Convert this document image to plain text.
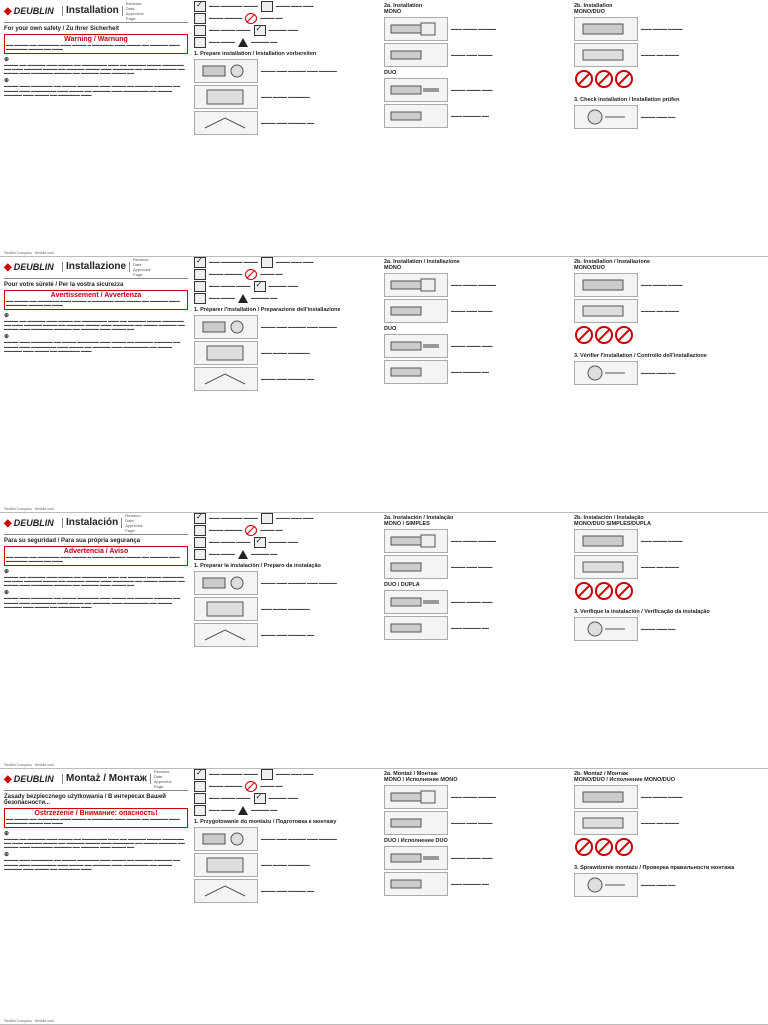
◆ DEUBLIN	Installation
Revision:
Date:
Approved:
Page:
For your own safety / Zu Ihrer Sicherheit
Warning / Warnung
▬▬ ▬▬▬▬ ▬▬ ▬▬▬▬▬▬ ▬▬▬ ▬▬▬▬ ▬ ▬▬▬▬▬▬ ▬▬▬ ▬▬▬▬ ▬▬ ▬▬▬▬▬ ▬▬▬ ▬▬▬▬▬▬ ▬▬▬▬ ▬▬ ▬▬▬
⊕
▬▬▬▬ ▬▬ ▬▬▬▬▬ ▬▬▬ ▬▬▬▬ ▬▬ ▬▬▬▬▬▬▬ ▬▬▬ ▬▬ ▬▬▬▬▬ ▬▬▬▬ ▬▬▬▬▬▬ ▬▬ ▬▬▬ ▬▬▬▬▬ ▬▬▬▬ ▬▬ ▬▬▬▬▬ ▬▬▬▬ ▬▬▬ ▬▬▬▬▬▬ ▬▬ ▬▬▬▬ ▬▬▬▬▬ ▬▬ ▬▬▬▬ ▬▬▬ ▬▬▬▬▬▬ ▬▬▬▬▬ ▬▬ ▬▬▬▬▬ ▬▬▬ ▬▬▬▬ ▬▬
⊕
▬▬▬▬ ▬▬▬ ▬▬▬▬▬▬ ▬▬ ▬▬▬▬ ▬▬▬▬▬▬ ▬▬▬ ▬▬▬▬ ▬▬ ▬▬▬▬▬ ▬▬▬▬▬ ▬▬ ▬▬▬▬ ▬▬▬ ▬▬▬▬▬▬▬ ▬▬▬ ▬▬▬▬ ▬▬ ▬▬▬▬▬ ▬▬▬ ▬▬▬▬▬▬▬ ▬▬ ▬▬▬▬ ▬▬▬▬▬ ▬▬▬ ▬▬▬▬ ▬▬ ▬▬▬▬▬▬ ▬▬▬
Deublin Company · deublin.com
✓
▬▬▬ ▬▬▬▬▬▬ ▬▬▬▬	▬▬▬▬ ▬▬▬ ▬▬▬
▬▬▬▬ ▬▬▬▬▬	▬▬▬▬ ▬▬
▬▬▬ ▬▬▬▬ ▬▬▬▬ ✓	▬▬▬▬▬ ▬▬▬
▬▬▬ ▬▬▬▬	▬▬▬▬▬ ▬▬
1. Prepare installation / Installation vorbereiten
▬▬▬▬ ▬▬▬ ▬▬▬▬▬ ▬▬▬ ▬▬▬▬▬
▬▬▬ ▬▬▬▬ ▬▬▬▬▬▬
▬▬▬▬ ▬▬▬ ▬▬▬▬▬ ▬▬
2a. Installation
MONO
▬▬▬ ▬▬▬▬ ▬▬▬▬▬
▬▬▬▬ ▬▬▬ ▬▬▬▬
DUO
▬▬▬▬ ▬▬▬▬ ▬▬▬
▬▬▬ ▬▬▬▬▬ ▬▬
2b. Installation
MONO/DUO
▬▬▬ ▬▬▬▬ ▬▬▬▬
▬▬▬▬ ▬▬ ▬▬▬▬
3. Check installation / Installation prüfen
▬▬▬▬ ▬▬▬ ▬▬
◆ DEUBLIN	Installazione
Revision:
Date:
Approved:
Page:
Pour votre sûreté / Per la vostra sicurezza
Avertissement / Avvertenza
▬▬ ▬▬▬▬ ▬▬ ▬▬▬▬▬▬ ▬▬▬ ▬▬▬▬ ▬ ▬▬▬▬▬▬ ▬▬▬ ▬▬▬▬ ▬▬ ▬▬▬▬▬ ▬▬▬ ▬▬▬▬▬▬ ▬▬▬▬ ▬▬ ▬▬▬
⊕
▬▬▬▬ ▬▬ ▬▬▬▬▬ ▬▬▬ ▬▬▬▬ ▬▬ ▬▬▬▬▬▬▬ ▬▬▬ ▬▬ ▬▬▬▬▬ ▬▬▬▬ ▬▬▬▬▬▬ ▬▬ ▬▬▬ ▬▬▬▬▬ ▬▬▬▬ ▬▬ ▬▬▬▬▬ ▬▬▬▬ ▬▬▬ ▬▬▬▬▬▬ ▬▬ ▬▬▬▬ ▬▬▬▬▬ ▬▬ ▬▬▬▬ ▬▬▬ ▬▬▬▬▬▬ ▬▬▬▬▬ ▬▬ ▬▬▬▬▬ ▬▬▬ ▬▬▬▬ ▬▬
⊕
▬▬▬▬ ▬▬▬ ▬▬▬▬▬▬ ▬▬ ▬▬▬▬ ▬▬▬▬▬▬ ▬▬▬ ▬▬▬▬ ▬▬ ▬▬▬▬▬ ▬▬▬▬▬ ▬▬ ▬▬▬▬ ▬▬▬ ▬▬▬▬▬▬▬ ▬▬▬ ▬▬▬▬ ▬▬ ▬▬▬▬▬ ▬▬▬ ▬▬▬▬▬▬▬ ▬▬ ▬▬▬▬ ▬▬▬▬▬ ▬▬▬ ▬▬▬▬ ▬▬ ▬▬▬▬▬▬ ▬▬▬
Deublin Company · deublin.com
✓
▬▬▬ ▬▬▬▬▬▬ ▬▬▬▬	▬▬▬▬ ▬▬▬ ▬▬▬
▬▬▬▬ ▬▬▬▬▬	▬▬▬▬ ▬▬
▬▬▬ ▬▬▬▬ ▬▬▬▬ ✓	▬▬▬▬▬ ▬▬▬
▬▬▬ ▬▬▬▬	▬▬▬▬▬ ▬▬
1. Préparer l'installation / Preparazione dell'installazione
▬▬▬▬ ▬▬▬ ▬▬▬▬▬ ▬▬▬ ▬▬▬▬▬
▬▬▬ ▬▬▬▬ ▬▬▬▬▬▬
▬▬▬▬ ▬▬▬ ▬▬▬▬▬ ▬▬
2a. Installation / Installazione
MONO
▬▬▬ ▬▬▬▬ ▬▬▬▬▬
▬▬▬▬ ▬▬▬ ▬▬▬▬
DUO
▬▬▬▬ ▬▬▬▬ ▬▬▬
▬▬▬ ▬▬▬▬▬ ▬▬
2b. Installation / Installazione
MONO/DUO
▬▬▬ ▬▬▬▬ ▬▬▬▬
▬▬▬▬ ▬▬ ▬▬▬▬
3. Vérifier l'installation / Controllo dell'installazione
▬▬▬▬ ▬▬▬ ▬▬
◆ DEUBLIN	Instalación
Revision:
Date:
Approved:
Page:
Para su seguridad / Para sua própria segurança
Advertencia / Aviso
▬▬ ▬▬▬▬ ▬▬ ▬▬▬▬▬▬ ▬▬▬ ▬▬▬▬ ▬ ▬▬▬▬▬▬ ▬▬▬ ▬▬▬▬ ▬▬ ▬▬▬▬▬ ▬▬▬ ▬▬▬▬▬▬ ▬▬▬▬ ▬▬ ▬▬▬
⊕
▬▬▬▬ ▬▬ ▬▬▬▬▬ ▬▬▬ ▬▬▬▬ ▬▬ ▬▬▬▬▬▬▬ ▬▬▬ ▬▬ ▬▬▬▬▬ ▬▬▬▬ ▬▬▬▬▬▬ ▬▬ ▬▬▬ ▬▬▬▬▬ ▬▬▬▬ ▬▬ ▬▬▬▬▬ ▬▬▬▬ ▬▬▬ ▬▬▬▬▬▬ ▬▬ ▬▬▬▬ ▬▬▬▬▬ ▬▬ ▬▬▬▬ ▬▬▬ ▬▬▬▬▬▬ ▬▬▬▬▬ ▬▬ ▬▬▬▬▬ ▬▬▬ ▬▬▬▬ ▬▬
⊕
▬▬▬▬ ▬▬▬ ▬▬▬▬▬▬ ▬▬ ▬▬▬▬ ▬▬▬▬▬▬ ▬▬▬ ▬▬▬▬ ▬▬ ▬▬▬▬▬ ▬▬▬▬▬ ▬▬ ▬▬▬▬ ▬▬▬ ▬▬▬▬▬▬▬ ▬▬▬ ▬▬▬▬ ▬▬ ▬▬▬▬▬ ▬▬▬ ▬▬▬▬▬▬▬ ▬▬ ▬▬▬▬ ▬▬▬▬▬ ▬▬▬ ▬▬▬▬ ▬▬ ▬▬▬▬▬▬ ▬▬▬
Deublin Company · deublin.com
✓
▬▬▬ ▬▬▬▬▬▬ ▬▬▬▬	▬▬▬▬ ▬▬▬ ▬▬▬
▬▬▬▬ ▬▬▬▬▬	▬▬▬▬ ▬▬
▬▬▬ ▬▬▬▬ ▬▬▬▬ ✓	▬▬▬▬▬ ▬▬▬
▬▬▬ ▬▬▬▬	▬▬▬▬▬ ▬▬
1. Preparar la instalación / Preparo da instalação
▬▬▬▬ ▬▬▬ ▬▬▬▬▬ ▬▬▬ ▬▬▬▬▬
▬▬▬ ▬▬▬▬ ▬▬▬▬▬▬
▬▬▬▬ ▬▬▬ ▬▬▬▬▬ ▬▬
2a. Instalación / Instalação
MONO / SIMPLES
▬▬▬ ▬▬▬▬ ▬▬▬▬▬
▬▬▬▬ ▬▬▬ ▬▬▬▬
DUO / DUPLA
▬▬▬▬ ▬▬▬▬ ▬▬▬
▬▬▬ ▬▬▬▬▬ ▬▬
2b. Instalación / Instalação
MONO/DUO SIMPLES/DUPLA
▬▬▬ ▬▬▬▬ ▬▬▬▬
▬▬▬▬ ▬▬ ▬▬▬▬
3. Verifique la instalación / Verificação da instalação
▬▬▬▬ ▬▬▬ ▬▬
◆ DEUBLIN	Montaż / Монтаж
Revision:
Date:
Approved:
Page:
Zasady bezpiecznego użytkowania / В интересах Вашей безопасности...
Ostrzeżenie / Внимание: опасность!
▬▬ ▬▬▬▬ ▬▬ ▬▬▬▬▬▬ ▬▬▬ ▬▬▬▬ ▬ ▬▬▬▬▬▬ ▬▬▬ ▬▬▬▬ ▬▬ ▬▬▬▬▬ ▬▬▬ ▬▬▬▬▬▬ ▬▬▬▬ ▬▬ ▬▬▬
⊕
▬▬▬▬ ▬▬ ▬▬▬▬▬ ▬▬▬ ▬▬▬▬ ▬▬ ▬▬▬▬▬▬▬ ▬▬▬ ▬▬ ▬▬▬▬▬ ▬▬▬▬ ▬▬▬▬▬▬ ▬▬ ▬▬▬ ▬▬▬▬▬ ▬▬▬▬ ▬▬ ▬▬▬▬▬ ▬▬▬▬ ▬▬▬ ▬▬▬▬▬▬ ▬▬ ▬▬▬▬ ▬▬▬▬▬ ▬▬ ▬▬▬▬ ▬▬▬ ▬▬▬▬▬▬ ▬▬▬▬▬ ▬▬ ▬▬▬▬▬ ▬▬▬ ▬▬▬▬ ▬▬
⊕
▬▬▬▬ ▬▬▬ ▬▬▬▬▬▬ ▬▬ ▬▬▬▬ ▬▬▬▬▬▬ ▬▬▬ ▬▬▬▬ ▬▬ ▬▬▬▬▬ ▬▬▬▬▬ ▬▬ ▬▬▬▬ ▬▬▬ ▬▬▬▬▬▬▬ ▬▬▬ ▬▬▬▬ ▬▬ ▬▬▬▬▬ ▬▬▬ ▬▬▬▬▬▬▬ ▬▬ ▬▬▬▬ ▬▬▬▬▬ ▬▬▬ ▬▬▬▬ ▬▬ ▬▬▬▬▬▬ ▬▬▬
Deublin Company · deublin.com
✓
▬▬▬ ▬▬▬▬▬▬ ▬▬▬▬	▬▬▬▬ ▬▬▬ ▬▬▬
▬▬▬▬ ▬▬▬▬▬	▬▬▬▬ ▬▬
▬▬▬ ▬▬▬▬ ▬▬▬▬ ✓	▬▬▬▬▬ ▬▬▬
▬▬▬ ▬▬▬▬	▬▬▬▬▬ ▬▬
1. Przygotowanie do montażu / Подготовка к монтажу
▬▬▬▬ ▬▬▬ ▬▬▬▬▬ ▬▬▬ ▬▬▬▬▬
▬▬▬ ▬▬▬▬ ▬▬▬▬▬▬
▬▬▬▬ ▬▬▬ ▬▬▬▬▬ ▬▬
2a. Montaż / Монтаж
MONO / Исполнение MONO
▬▬▬ ▬▬▬▬ ▬▬▬▬▬
▬▬▬▬ ▬▬▬ ▬▬▬▬
DUO / Исполнение DUO
▬▬▬▬ ▬▬▬▬ ▬▬▬
▬▬▬ ▬▬▬▬▬ ▬▬
2b. Montaż / Монтаж
MONO/DUO / Исполнение MONO/DUO
▬▬▬ ▬▬▬▬ ▬▬▬▬
▬▬▬▬ ▬▬ ▬▬▬▬
3. Sprawdzenie montażu / Проверка правильности монтажа
▬▬▬▬ ▬▬▬ ▬▬
